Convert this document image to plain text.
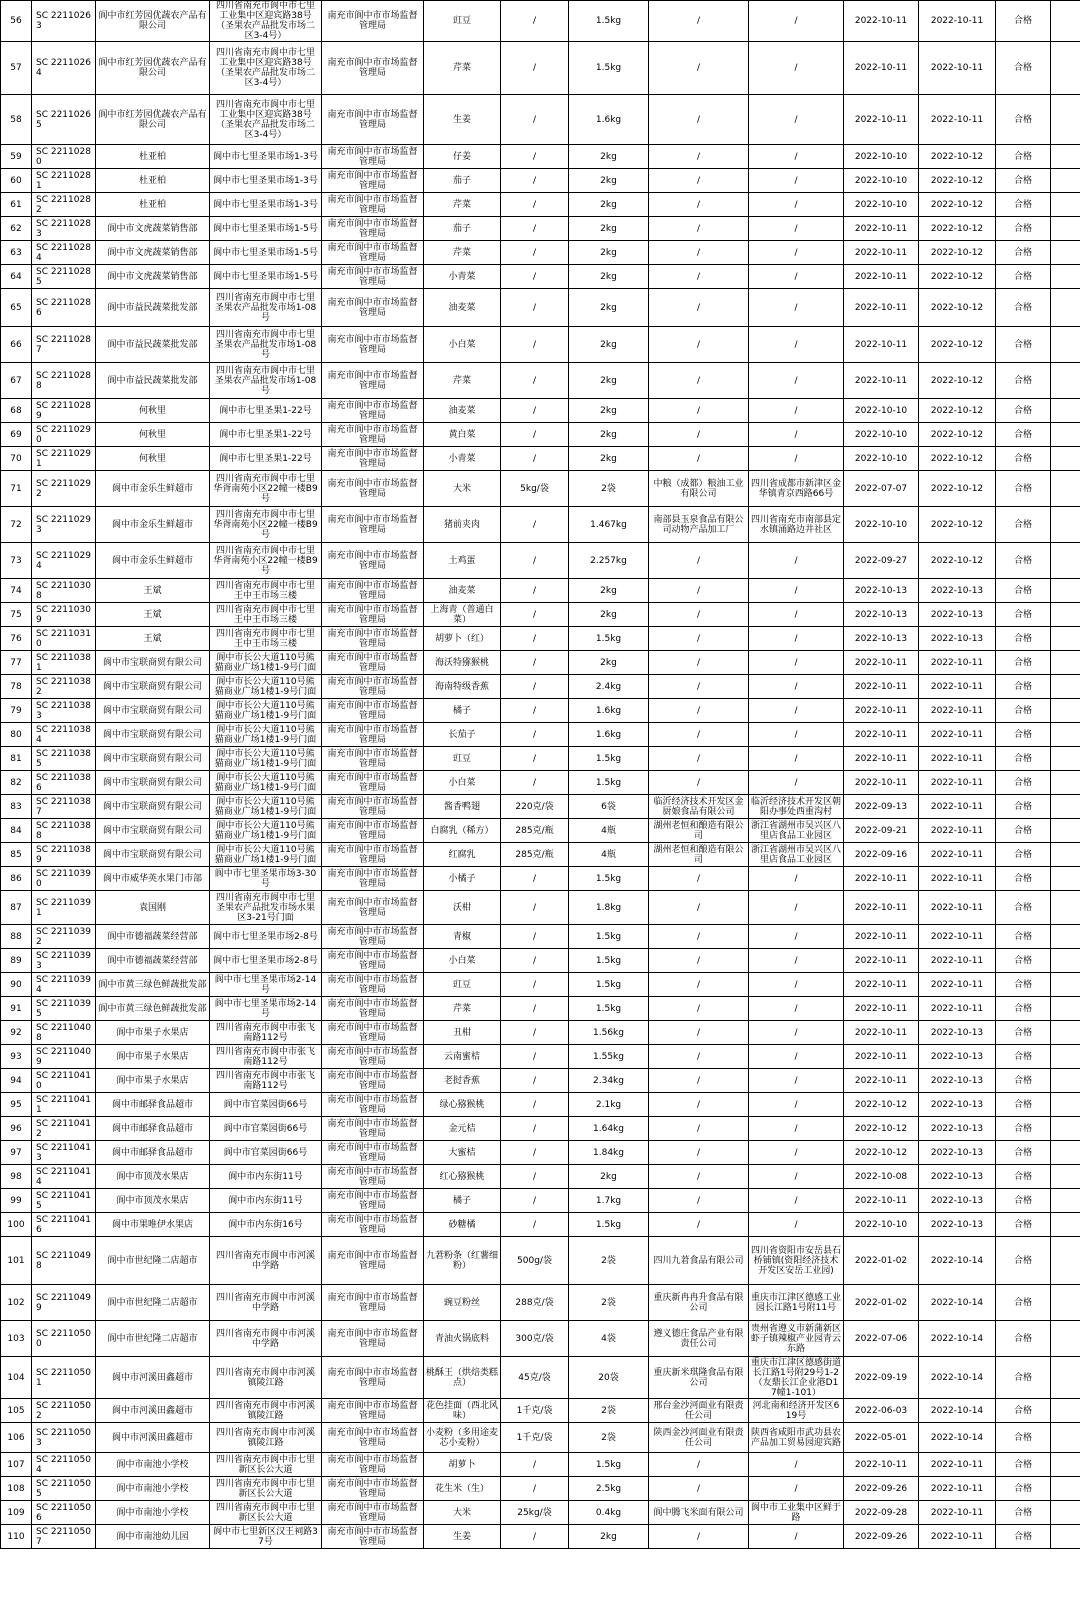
56	SC 22110263	阆中市红芳园优蔬农产品有限公司	四川省南充市阆中市七里工业集中区迎宾路38号（圣果农产品批发市场二区3-4号）	南充市阆中市市场监督管理局	豇豆	/	1.5kg	/	/	2022-10-11	2022-10-11	合格	
57	SC 22110264	阆中市红芳园优蔬农产品有限公司	四川省南充市阆中市七里工业集中区迎宾路38号（圣果农产品批发市场二区3-4号）	南充市阆中市市场监督管理局	芹菜	/	1.5kg	/	/	2022-10-11	2022-10-11	合格	
58	SC 22110265	阆中市红芳园优蔬农产品有限公司	四川省南充市阆中市七里工业集中区迎宾路38号（圣果农产品批发市场二区3-4号）	南充市阆中市市场监督管理局	生姜	/	1.6kg	/	/	2022-10-11	2022-10-11	合格	
59	SC 22110280	杜亚柏	阆中市七里圣果市场1-3号	南充市阆中市市场监督管理局	仔姜	/	2kg	/	/	2022-10-10	2022-10-12	合格	
60	SC 22110281	杜亚柏	阆中市七里圣果市场1-3号	南充市阆中市市场监督管理局	茄子	/	2kg	/	/	2022-10-10	2022-10-12	合格	
61	SC 22110282	杜亚柏	阆中市七里圣果市场1-3号	南充市阆中市市场监督管理局	芹菜	/	2kg	/	/	2022-10-10	2022-10-12	合格	
62	SC 22110283	阆中市文虎蔬菜销售部	阆中市七里圣果市场1-5号	南充市阆中市市场监督管理局	茄子	/	2kg	/	/	2022-10-11	2022-10-12	合格	
63	SC 22110284	阆中市文虎蔬菜销售部	阆中市七里圣果市场1-5号	南充市阆中市市场监督管理局	芹菜	/	2kg	/	/	2022-10-11	2022-10-12	合格	
64	SC 22110285	阆中市文虎蔬菜销售部	阆中市七里圣果市场1-5号	南充市阆中市市场监督管理局	小青菜	/	2kg	/	/	2022-10-11	2022-10-12	合格	
65	SC 22110286	阆中市益民蔬菜批发部	四川省南充市阆中市七里圣果农产品批发市场1-08号	南充市阆中市市场监督管理局	油麦菜	/	2kg	/	/	2022-10-11	2022-10-12	合格	
66	SC 22110287	阆中市益民蔬菜批发部	四川省南充市阆中市七里圣果农产品批发市场1-08号	南充市阆中市市场监督管理局	小白菜	/	2kg	/	/	2022-10-11	2022-10-12	合格	
67	SC 22110288	阆中市益民蔬菜批发部	四川省南充市阆中市七里圣果农产品批发市场1-08号	南充市阆中市市场监督管理局	芹菜	/	2kg	/	/	2022-10-11	2022-10-12	合格	
68	SC 22110289	何秋里	阆中市七里圣果1-22号	南充市阆中市市场监督管理局	油麦菜	/	2kg	/	/	2022-10-10	2022-10-12	合格	
69	SC 22110290	何秋里	阆中市七里圣果1-22号	南充市阆中市市场监督管理局	黄白菜	/	2kg	/	/	2022-10-10	2022-10-12	合格	
70	SC 22110291	何秋里	阆中市七里圣果1-22号	南充市阆中市市场监督管理局	小青菜	/	2kg	/	/	2022-10-10	2022-10-12	合格	
71	SC 22110292	阆中市金乐生鲜超市	四川省南充市阆中市七里华胥南苑小区22幢一楼B9号	南充市阆中市市场监督管理局	大米	5kg/袋	2袋	中粮（成都）粮油工业有限公司	四川省成都市新津区金华镇青京西路66号	2022-07-07	2022-10-12	合格	
72	SC 22110293	阆中市金乐生鲜超市	四川省南充市阆中市七里华胥南苑小区22幢一楼B9号	南充市阆中市市场监督管理局	猪前夹肉	/	1.467kg	南部县玉泉食品有限公司动物产品加工厂	四川省南充市南部县定水镇涌路边井社区	2022-10-10	2022-10-12	合格	
73	SC 22110294	阆中市金乐生鲜超市	四川省南充市阆中市七里华胥南苑小区22幢一楼B9号	南充市阆中市市场监督管理局	土鸡蛋	/	2.257kg	/	/	2022-09-27	2022-10-12	合格	
74	SC 22110308	王斌	四川省南充市阆中市七里王中王市场三楼	南充市阆中市市场监督管理局	油麦菜	/	2kg	/	/	2022-10-13	2022-10-13	合格	
75	SC 22110309	王斌	四川省南充市阆中市七里王中王市场三楼	南充市阆中市市场监督管理局	上海青（普通白菜）	/	2kg	/	/	2022-10-13	2022-10-13	合格	
76	SC 22110310	王斌	四川省南充市阆中市七里王中王市场三楼	南充市阆中市市场监督管理局	胡萝卜（红）	/	1.5kg	/	/	2022-10-13	2022-10-13	合格	
77	SC 22110381	阆中市宝联商贸有限公司	阆中市长公大道110号熊猫商业广场1楼1-9号门面	南充市阆中市市场监督管理局	海沃特猕猴桃	/	2kg	/	/	2022-10-11	2022-10-11	合格	
78	SC 22110382	阆中市宝联商贸有限公司	阆中市长公大道110号熊猫商业广场1楼1-9号门面	南充市阆中市市场监督管理局	海南特级香蕉	/	2.4kg	/	/	2022-10-11	2022-10-11	合格	
79	SC 22110383	阆中市宝联商贸有限公司	阆中市长公大道110号熊猫商业广场1楼1-9号门面	南充市阆中市市场监督管理局	橘子	/	1.6kg	/	/	2022-10-11	2022-10-11	合格	
80	SC 22110384	阆中市宝联商贸有限公司	阆中市长公大道110号熊猫商业广场1楼1-9号门面	南充市阆中市市场监督管理局	长茄子	/	1.6kg	/	/	2022-10-11	2022-10-11	合格	
81	SC 22110385	阆中市宝联商贸有限公司	阆中市长公大道110号熊猫商业广场1楼1-9号门面	南充市阆中市市场监督管理局	豇豆	/	1.5kg	/	/	2022-10-11	2022-10-11	合格	
82	SC 22110386	阆中市宝联商贸有限公司	阆中市长公大道110号熊猫商业广场1楼1-9号门面	南充市阆中市市场监督管理局	小白菜	/	1.5kg	/	/	2022-10-11	2022-10-11	合格	
83	SC 22110387	阆中市宝联商贸有限公司	阆中市长公大道110号熊猫商业广场1楼1-9号门面	南充市阆中市市场监督管理局	酱香鸭翅	220克/袋	6袋	临沂经济技术开发区金厨娘食品有限公司	临沂经济技术开发区朝阳办事处西重沟村	2022-09-13	2022-10-11	合格	
84	SC 22110388	阆中市宝联商贸有限公司	阆中市长公大道110号熊猫商业广场1楼1-9号门面	南充市阆中市市场监督管理局	白腐乳（稀方）	285克/瓶	4瓶	湖州老恒和酿造有限公司	浙江省湖州市吴兴区八里店食品工业园区	2022-09-21	2022-10-11	合格	
85	SC 22110389	阆中市宝联商贸有限公司	阆中市长公大道110号熊猫商业广场1楼1-9号门面	南充市阆中市市场监督管理局	红腐乳	285克/瓶	4瓶	湖州老恒和酿造有限公司	浙江省湖州市吴兴区八里店食品工业园区	2022-09-16	2022-10-11	合格	
86	SC 22110390	阆中市威华英水果门市部	阆中市七里圣果市场3-30号	南充市阆中市市场监督管理局	小橘子	/	1.5kg	/	/	2022-10-11	2022-10-11	合格	
87	SC 22110391	袁国刚	四川省南充市阆中市七里圣果农产品批发市场水果区3-21号门面	南充市阆中市市场监督管理局	沃柑	/	1.8kg	/	/	2022-10-11	2022-10-11	合格	
88	SC 22110392	阆中市德福蔬菜经营部	阆中市七里圣果市场2-8号	南充市阆中市市场监督管理局	青椒	/	1.5kg	/	/	2022-10-11	2022-10-11	合格	
89	SC 22110393	阆中市德福蔬菜经营部	阆中市七里圣果市场2-8号	南充市阆中市市场监督管理局	小白菜	/	1.5kg	/	/	2022-10-11	2022-10-11	合格	
90	SC 22110394	阆中市黄三绿色鲜蔬批发部	阆中市七里圣果市场2-14号	南充市阆中市市场监督管理局	豇豆	/	1.5kg	/	/	2022-10-11	2022-10-11	合格	
91	SC 22110395	阆中市黄三绿色鲜蔬批发部	阆中市七里圣果市场2-14号	南充市阆中市市场监督管理局	芹菜	/	1.5kg	/	/	2022-10-11	2022-10-11	合格	
92	SC 22110408	阆中市果子水果店	四川省南充市阆中市张飞南路112号	南充市阆中市市场监督管理局	丑柑	/	1.56kg	/	/	2022-10-11	2022-10-13	合格	
93	SC 22110409	阆中市果子水果店	四川省南充市阆中市张飞南路112号	南充市阆中市市场监督管理局	云南蜜桔	/	1.55kg	/	/	2022-10-11	2022-10-13	合格	
94	SC 22110410	阆中市果子水果店	四川省南充市阆中市张飞南路112号	南充市阆中市市场监督管理局	老挝香蕉	/	2.34kg	/	/	2022-10-11	2022-10-13	合格	
95	SC 22110411	阆中市邮驿食品超市	阆中市官菜园街66号	南充市阆中市市场监督管理局	绿心猕猴桃	/	2.1kg	/	/	2022-10-12	2022-10-13	合格	
96	SC 22110412	阆中市邮驿食品超市	阆中市官菜园街66号	南充市阆中市市场监督管理局	金元桔	/	1.64kg	/	/	2022-10-12	2022-10-13	合格	
97	SC 22110413	阆中市邮驿食品超市	阆中市官菜园街66号	南充市阆中市市场监督管理局	大蜜桔	/	1.84kg	/	/	2022-10-12	2022-10-13	合格	
98	SC 22110414	阆中市顶茂水果店	阆中市内东街11号	南充市阆中市市场监督管理局	红心猕猴桃	/	2kg	/	/	2022-10-08	2022-10-13	合格	
99	SC 22110415	阆中市顶茂水果店	阆中市内东街11号	南充市阆中市市场监督管理局	橘子	/	1.7kg	/	/	2022-10-11	2022-10-13	合格	
100	SC 22110416	阆中市果唯伊水果店	阆中市内东街16号	南充市阆中市市场监督管理局	砂糖橘	/	1.5kg	/	/	2022-10-10	2022-10-13	合格	
101	SC 22110498	阆中市世纪隆二店超市	四川省南充市阆中市河溪中学路	南充市阆中市市场监督管理局	九莙粉条（红薯细粉）	500g/袋	2袋	四川九莙食品有限公司	四川省资阳市安岳县石桥铺镇(资阳经济技术开发区安岳工业园)	2022-01-02	2022-10-14	合格	
102	SC 22110499	阆中市世纪隆二店超市	四川省南充市阆中市河溪中学路	南充市阆中市市场监督管理局	豌豆粉丝	288克/袋	2袋	重庆新冉冉升食品有限公司	重庆市江津区德感工业园长江路1号附11号	2022-01-02	2022-10-14	合格	
103	SC 22110500	阆中市世纪隆二店超市	四川省南充市阆中市河溪中学路	南充市阆中市市场监督管理局	青油火锅底料	300克/袋	4袋	遵义德庄食品产业有限责任公司	贵州省遵义市新蒲新区虾子镇辣椒产业园青云东路	2022-07-06	2022-10-14	合格	
104	SC 22110501	阆中市河溪田鑫超市	四川省南充市阆中市河溪镇陵江路	南充市阆中市市场监督管理局	桃酥王（烘焙类糕点）	45克/袋	20袋	重庆新米琪隆食品有限公司	重庆市江津区德感街道长江路1号附29号1-2（友鼎长江企业港D17幢1-101）	2022-09-19	2022-10-14	合格	
105	SC 22110502	阆中市河溪田鑫超市	四川省南充市阆中市河溪镇陵江路	南充市阆中市市场监督管理局	花色挂面（西北风味）	1千克/袋	2袋	邢台金沙河面业有限责任公司	河北南和经济开发区619号	2022-06-03	2022-10-14	合格	
106	SC 22110503	阆中市河溪田鑫超市	四川省南充市阆中市河溪镇陵江路	南充市阆中市市场监督管理局	小麦粉（多用途麦芯小麦粉）	1千克/袋	2袋	陕西金沙河面业有限责任公司	陕西省咸阳市武功县农产品加工贸易园迎宾路	2022-05-01	2022-10-14	合格	
107	SC 22110504	阆中市南池小学校	四川省南充市阆中市七里新区长公大道	南充市阆中市市场监督管理局	胡萝卜	/	1.5kg	/	/	2022-10-11	2022-10-11	合格	
108	SC 22110505	阆中市南池小学校	四川省南充市阆中市七里新区长公大道	南充市阆中市市场监督管理局	花生米（生）	/	2.5kg	/	/	2022-09-26	2022-10-11	合格	
109	SC 22110506	阆中市南池小学校	四川省南充市阆中市七里新区长公大道	南充市阆中市市场监督管理局	大米	25kg/袋	0.4kg	阆中腾飞米面有限公司	阆中市工业集中区鲜于路	2022-09-28	2022-10-11	合格	
110	SC 22110507	阆中市南池幼儿园	阆中市七里新区汉王祠路37号	南充市阆中市市场监督管理局	生姜	/	2kg	/	/	2022-09-26	2022-10-11	合格	
